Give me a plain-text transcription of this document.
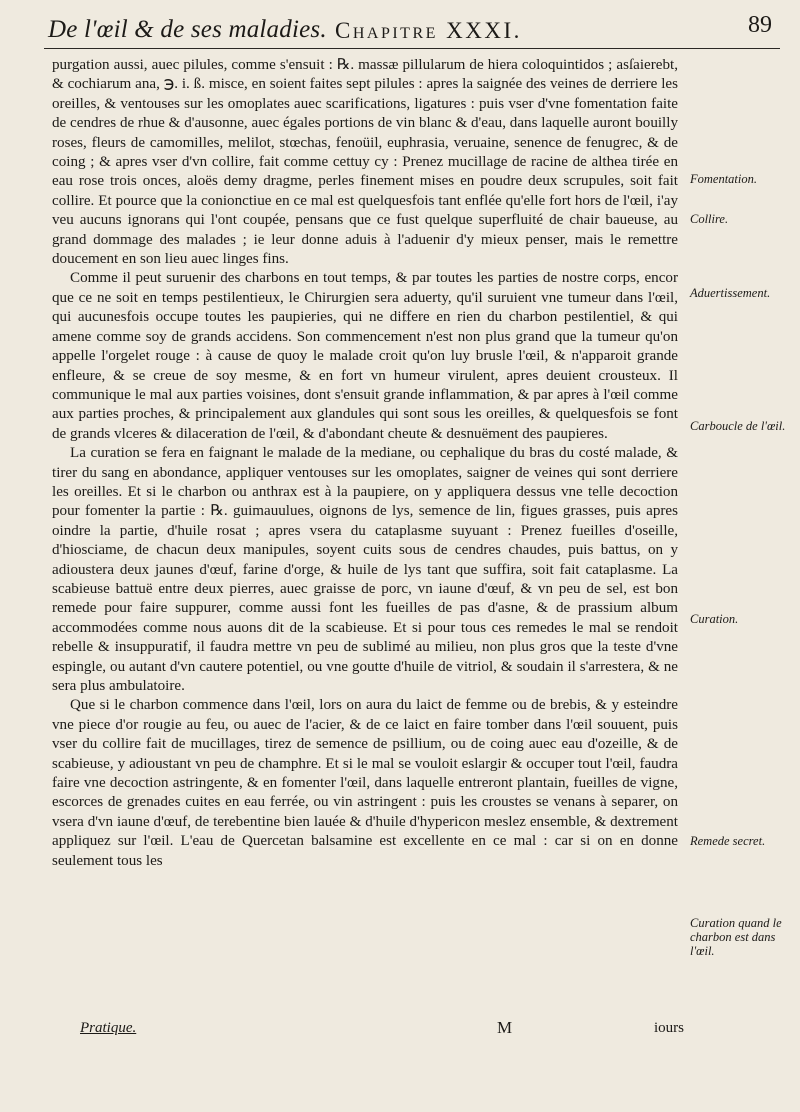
De l'œil & de ses maladies. Chapitre XXXI.	89

purgation aussi, auec pilules, comme s'ensuit : ℞. massæ pillularum de hiera coloquintidos ; asſaierebt, & cochiarum ana, ℈. i. ß. misce, en soient faites sept pilules : apres la saignée des veines de derriere les oreilles, & ventouses sur les omoplates auec scarifications, ligatures : puis vser d'vne fomentation faite de cendres de rhue & d'ausonne, auec égales portions de vin blanc & d'eau, dans laquelle auront bouilly roses, fleurs de camomilles, melilot, stœchas, fenoüil, euphrasia, veruaine, senence de fenugrec, & de coing ; & apres vser d'vn collire, fait comme cettuy cy : Prenez mucillage de racine de althea tirée en eau rose trois onces, aloës demy dragme, perles finement mises en poudre deux scrupules, soit fait collire. Et pource que la conionctiue en ce mal est quelquesfois tant enflée qu'elle fort hors de l'œil, i'ay veu aucuns ignorans qui l'ont coupée, pensans que ce fust quelque superfluité de chair baueuse, au grand dommage des malades ; ie leur donne aduis à l'aduenir d'y mieux penser, mais le remettre doucement en son lieu auec linges fins.

Comme il peut suruenir des charbons en tout temps, & par toutes les parties de nostre corps, encor que ce ne soit en temps pestilentieux, le Chirurgien sera aduerty, qu'il suruient vne tumeur dans l'œil, qui aucunesfois occupe toutes les paupieries, qui ne differe en rien du charbon pestilentiel, & qui amene comme soy de grands accidens. Son commencement n'est non plus grand que la tumeur qu'on appelle l'orgelet rouge : à cause de quoy le malade croit qu'on luy brusle l'œil, & n'apparoit grande enfleure, & se creue de soy mesme, & en fort vn humeur virulent, apres deuient crousteux. Il communique le mal aux parties voisines, dont s'ensuit grande inflammation, & par apres à l'œil comme aux parties proches, & principalement aux glandules qui sont sous les oreilles, & quelquesfois se font de grands vlceres & dilaceration de l'œil, & d'abondant cheute & desnuëment des paupieres.

La curation se fera en faignant le malade de la mediane, ou cephalique du bras du costé malade, & tirer du sang en abondance, appliquer ventouses sur les omoplates, saigner de veines qui sont derriere les oreilles. Et si le charbon ou anthrax est à la paupiere, on y appliquera dessus vne telle decoction pour fomenter la partie : ℞. guimauulues, oignons de lys, semence de lin, figues grasses, puis apres oindre la partie, d'huile rosat ; apres vsera du cataplasme suyuant : Prenez fueilles d'oseille, d'hiosciame, de chacun deux manipules, soyent cuits sous de cendres chaudes, puis battus, on y adioustera deux jaunes d'œuf, farine d'orge, & huile de lys tant que suffira, soit fait cataplasme. La scabieuse battuë entre deux pierres, auec graisse de porc, vn iaune d'œuf, & vn peu de sel, est bon remede pour faire suppurer, comme aussi font les fueilles de pas d'asne, & de prassium album accommodées comme nous auons dit de la scabieuse. Et si pour tous ces remedes le mal se rendoit rebelle & insuppuratif, il faudra mettre vn peu de sublimé au milieu, non plus gros que la teste d'vne espingle, ou autant d'vn cautere potentiel, ou vne goutte d'huile de vitriol, & soudain il s'arrestera, & ne sera plus ambulatoire.

Que si le charbon commence dans l'œil, lors on aura du laict de femme ou de brebis, & y esteindre vne piece d'or rougie au feu, ou auec de l'acier, & de ce laict en faire tomber dans l'œil souuent, puis vser du collire fait de mucillages, tirez de semence de psillium, ou de coing auec eau d'ozeille, & de scabieuse, y adioustant vn peu de champhre. Et si le mal se vouloit eslargir & occuper tout l'œil, faudra faire vne decoction astringente, & en fomenter l'œil, dans laquelle entreront plantain, fueilles de vigne, escorces de grenades cuites en eau ferrée, ou vin astringent : puis les croustes se venans à separer, on vsera d'vn iaune d'œuf, de terebentine bien lauée & d'huile d'hypericon meslez ensemble, & dextrement appliquez sur l'œil. L'eau de Quercetan balsamine est excellente en ce mal : car si on en donne seulement tous les

Fomentation.
Collire.
Aduertissement.
Carboucle de l'œil.
Curation.
Remede secret.
Curation quand le charbon est dans l'œil.
Pratique.	M	iours
